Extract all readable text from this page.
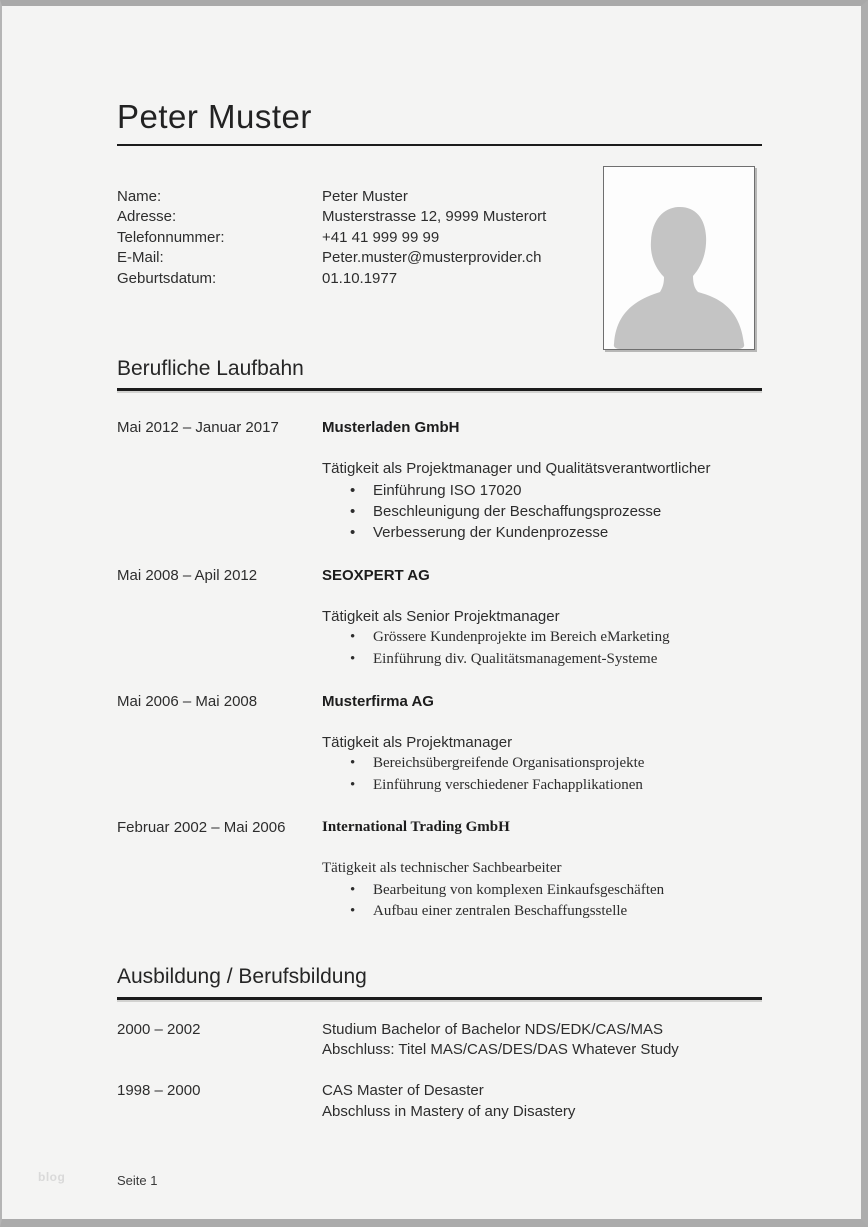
Peter Muster
Name:	Peter Muster
Adresse:	Musterstrasse 12, 9999 Musterort
Telefonnummer:	+41 41 999 99 99
E-Mail:	Peter.muster@musterprovider.ch
Geburtsdatum:	01.10.1977
Berufliche Laufbahn
Mai 2012 – Januar 2017	Musterladen GmbH
Tätigkeit als Projektmanager und Qualitätsverantwortlicher
•	Einführung ISO 17020
•	Beschleunigung der Beschaffungsprozesse
•	Verbesserung der Kundenprozesse
Mai 2008 – Apil 2012	SEOXPERT AG
Tätigkeit als Senior Projektmanager
•	Grössere Kundenprojekte im Bereich eMarketing
•	Einführung div. Qualitätsmanagement-Systeme
Mai 2006 – Mai 2008	Musterfirma AG
Tätigkeit als Projektmanager
•	Bereichsübergreifende Organisationsprojekte
•	Einführung verschiedener Fachapplikationen
Februar 2002 – Mai 2006	International Trading GmbH
Tätigkeit als technischer Sachbearbeiter
•	Bearbeitung von komplexen Einkaufsgeschäften
•	Aufbau einer zentralen Beschaffungsstelle
Ausbildung / Berufsbildung
2000 – 2002	Studium Bachelor of Bachelor NDS/EDK/CAS/MAS
Abschluss: Titel MAS/CAS/DES/DAS Whatever Study
1998 – 2000	CAS Master of Desaster
Abschluss in Mastery of any Disastery
Seite 1
blog
